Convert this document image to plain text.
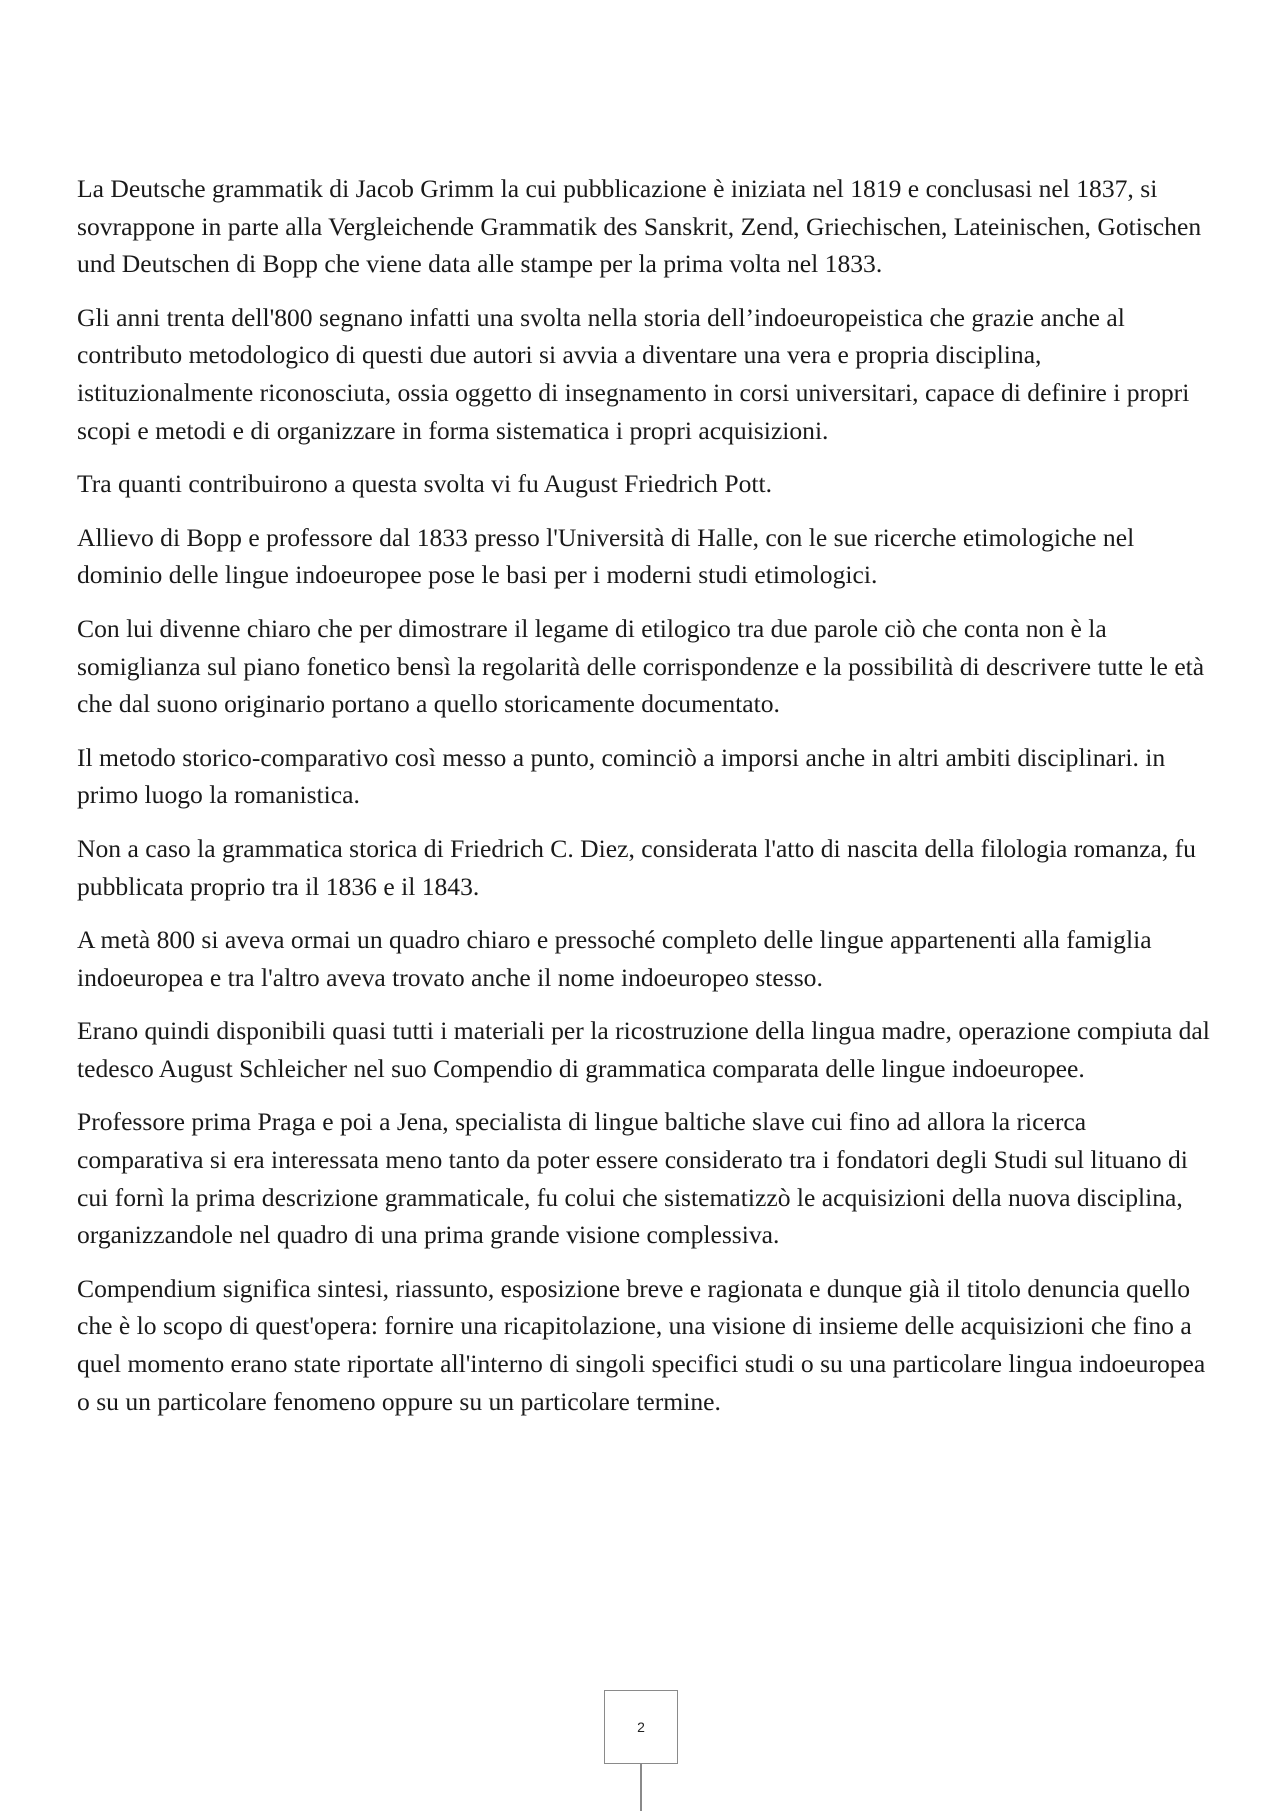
La Deutsche grammatik di Jacob Grimm la cui pubblicazione è iniziata nel 1819 e conclusasi nel 1837, si sovrappone in parte alla Vergleichende Grammatik des Sanskrit, Zend, Griechischen, Lateinischen, Gotischen und Deutschen di Bopp che viene data alle stampe per la prima volta nel 1833.

Gli anni trenta dell'800 segnano infatti una svolta nella storia dell’indoeuropeistica che grazie anche al contributo metodologico di questi due autori si avvia a diventare una vera e propria disciplina, istituzionalmente riconosciuta, ossia oggetto di insegnamento in corsi universitari, capace di definire i propri scopi e metodi e di organizzare in forma sistematica i propri acquisizioni.

Tra quanti contribuirono a questa svolta vi fu August Friedrich Pott.

Allievo di Bopp e professore dal 1833 presso l'Università di Halle, con le sue ricerche etimologiche nel dominio delle lingue indoeuropee pose le basi per i moderni studi etimologici.

Con lui divenne chiaro che per dimostrare il legame di etilogico tra due parole ciò che conta non è la somiglianza sul piano fonetico bensì la regolarità delle corrispondenze e la possibilità di descrivere tutte le età che dal suono originario portano a quello storicamente documentato.

Il metodo storico-comparativo così messo a punto, cominciò a imporsi anche in altri ambiti disciplinari. in primo luogo la romanistica.

Non a caso la grammatica storica di Friedrich C. Diez, considerata l'atto di nascita della filologia romanza, fu pubblicata proprio tra il 1836 e il 1843.

A metà 800 si aveva ormai un quadro chiaro e pressoché completo delle lingue appartenenti alla famiglia indoeuropea e tra l'altro aveva trovato anche il nome indoeuropeo stesso.

Erano quindi disponibili quasi tutti i materiali per la ricostruzione della lingua madre, operazione compiuta dal tedesco August Schleicher nel suo Compendio di grammatica comparata delle lingue indoeuropee.

Professore prima Praga e poi a Jena, specialista di lingue baltiche slave cui fino ad allora la ricerca comparativa si era interessata meno tanto da poter essere considerato tra i fondatori degli Studi sul lituano di cui fornì la prima descrizione grammaticale, fu colui che sistematizzò le acquisizioni della nuova disciplina, organizzandole nel quadro di una prima grande visione complessiva.

Compendium significa sintesi, riassunto, esposizione breve e ragionata e dunque già il titolo denuncia quello che è lo scopo di quest'opera: fornire una ricapitolazione, una visione di insieme delle acquisizioni che fino a quel momento erano state riportate all'interno di singoli specifici studi o su una particolare lingua indoeuropea o su un particolare fenomeno oppure su un particolare termine.

2
